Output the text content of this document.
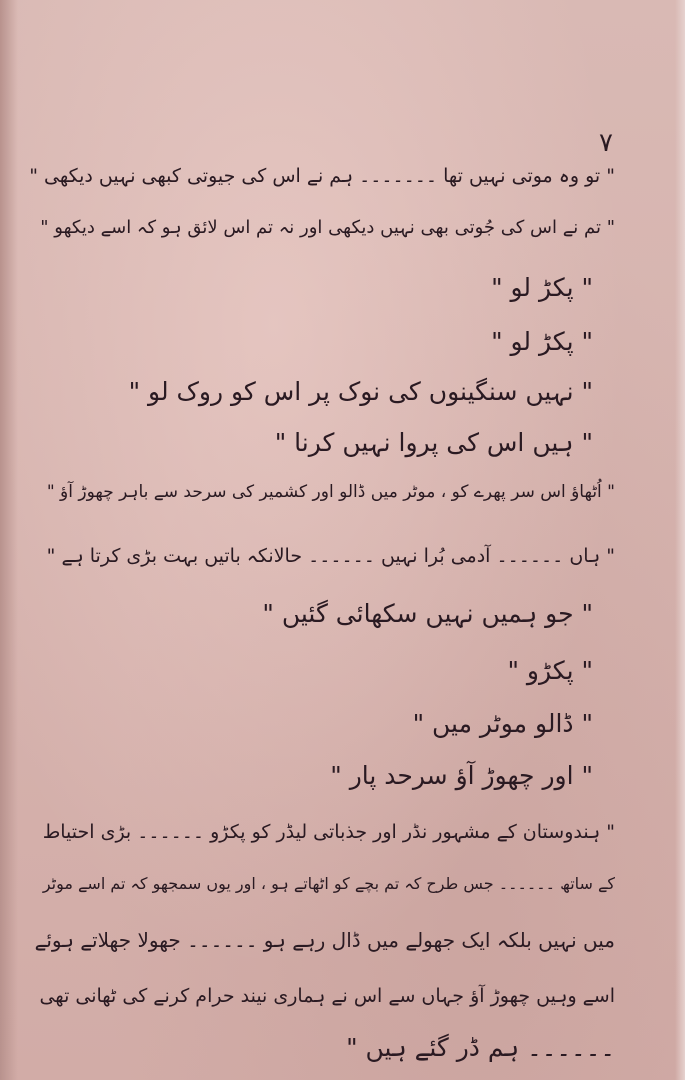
۷
" تو وہ موتی نہیں تھا ۔۔۔۔۔۔۔ ہم نے اس کی جیوتی کبھی نہیں دیکھی "
" تم نے اس کی جُوتی بھی نہیں دیکھی اور نہ تم اس لائق ہو کہ اسے دیکھو "
" پکڑ لو "
" پکڑ لو "
" نہیں سنگینوں کی نوک پر اس کو روک لو "
" ہیں اس کی پروا نہیں کرنا "
" اُٹھاؤ اس سر پھرے کو ، موٹر میں ڈالو اور کشمیر کی سرحد سے باہر چھوڑ آؤ "
" ہاں ۔۔۔۔۔۔ آدمی بُرا نہیں ۔۔۔۔۔۔ حالانکہ باتیں بہت بڑی کرتا ہے "
" جو ہمیں نہیں سکھائی گئیں "
" پکڑو "
" ڈالو موٹر میں "
" اور چھوڑ آؤ سرحد پار "
" ہندوستان کے مشہور نڈر اور جذباتی لیڈر کو پکڑو ۔۔۔۔۔۔ بڑی احتیاط
کے ساتھ ۔۔۔۔۔۔ جس طرح کہ تم بچے کو اٹھاتے ہو ، اور یوں سمجھو کہ تم اسے موٹر
میں نہیں بلکہ ایک جھولے میں ڈال رہے ہو ۔۔۔۔۔۔ جھولا جھلاتے ہوئے
اسے وہیں چھوڑ آؤ جہاں سے اس نے ہماری نیند حرام کرنے کی ٹھانی تھی
۔۔۔۔۔۔ ہم ڈر گئے ہیں "
